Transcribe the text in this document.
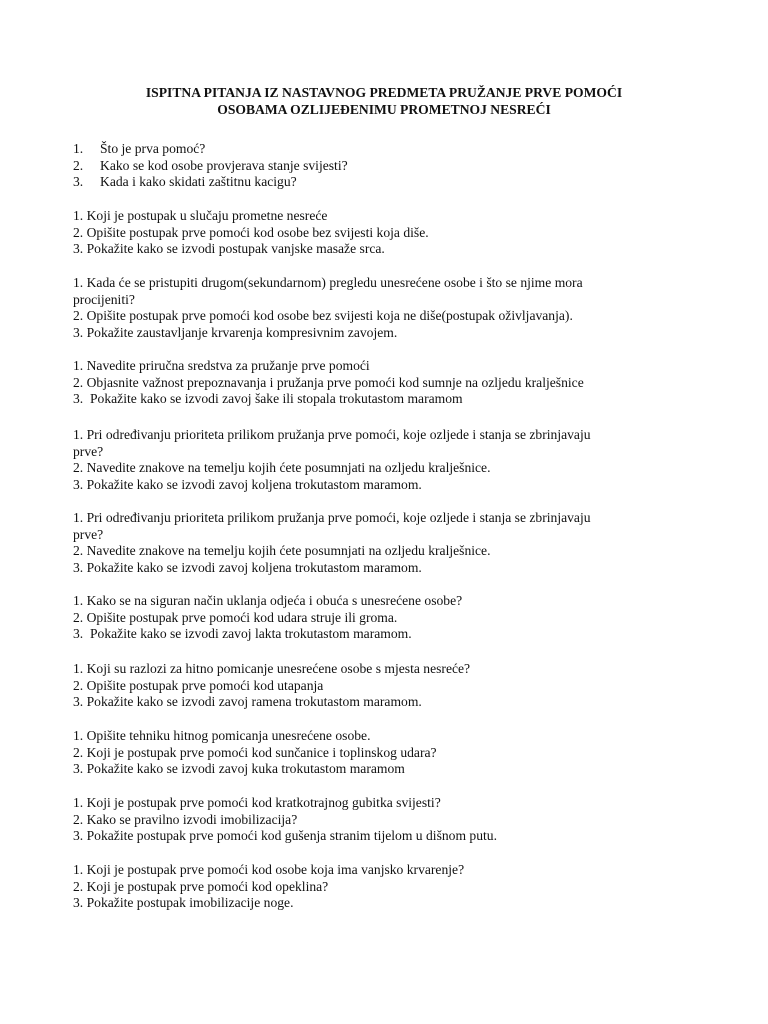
ISPITNA PITANJA IZ NASTAVNOG PREDMETA PRUŽANJE PRVE POMOĆI
OSOBAMA OZLIJEĐENIMU PROMETNOJ NESREĆI
1. Što je prva pomoć?
2. Kako se kod osobe provjerava stanje svijesti?
3. Kada i kako skidati zaštitnu kacigu?
1. Koji je postupak u slučaju prometne nesreće
2. Opišite postupak prve pomoći kod osobe bez svijesti koja diše.
3. Pokažite kako se izvodi postupak vanjske masaže srca.
1. Kada će se pristupiti drugom(sekundarnom) pregledu unesrećene osobe i što se njime mora
procijeniti?
2. Opišite postupak prve pomoći kod osobe bez svijesti koja ne diše(postupak oživljavanja).
3. Pokažite zaustavljanje krvarenja kompresivnim zavojem.
1. Navedite priručna sredstva za pružanje prve pomoći
2. Objasnite važnost prepoznavanja i pružanja prve pomoći kod sumnje na ozljedu kralješnice
3.  Pokažite kako se izvodi zavoj šake ili stopala trokutastom maramom
1. Pri određivanju prioriteta prilikom pružanja prve pomoći, koje ozljede i stanja se zbrinjavaju
prve?
2. Navedite znakove na temelju kojih ćete posumnjati na ozljedu kralješnice.
3. Pokažite kako se izvodi zavoj koljena trokutastom maramom.
1. Pri određivanju prioriteta prilikom pružanja prve pomoći, koje ozljede i stanja se zbrinjavaju
prve?
2. Navedite znakove na temelju kojih ćete posumnjati na ozljedu kralješnice.
3. Pokažite kako se izvodi zavoj koljena trokutastom maramom.
1. Kako se na siguran način uklanja odjeća i obuća s unesrećene osobe?
2. Opišite postupak prve pomoći kod udara struje ili groma.
3.  Pokažite kako se izvodi zavoj lakta trokutastom maramom.
1. Koji su razlozi za hitno pomicanje unesrećene osobe s mjesta nesreće?
2. Opišite postupak prve pomoći kod utapanja
3. Pokažite kako se izvodi zavoj ramena trokutastom maramom.
1. Opišite tehniku hitnog pomicanja unesrećene osobe.
2. Koji je postupak prve pomoći kod sunčanice i toplinskog udara?
3. Pokažite kako se izvodi zavoj kuka trokutastom maramom
1. Koji je postupak prve pomoći kod kratkotrajnog gubitka svijesti?
2. Kako se pravilno izvodi imobilizacija?
3. Pokažite postupak prve pomoći kod gušenja stranim tijelom u dišnom putu.
1. Koji je postupak prve pomoći kod osobe koja ima vanjsko krvarenje?
2. Koji je postupak prve pomoći kod opeklina?
3. Pokažite postupak imobilizacije noge.
